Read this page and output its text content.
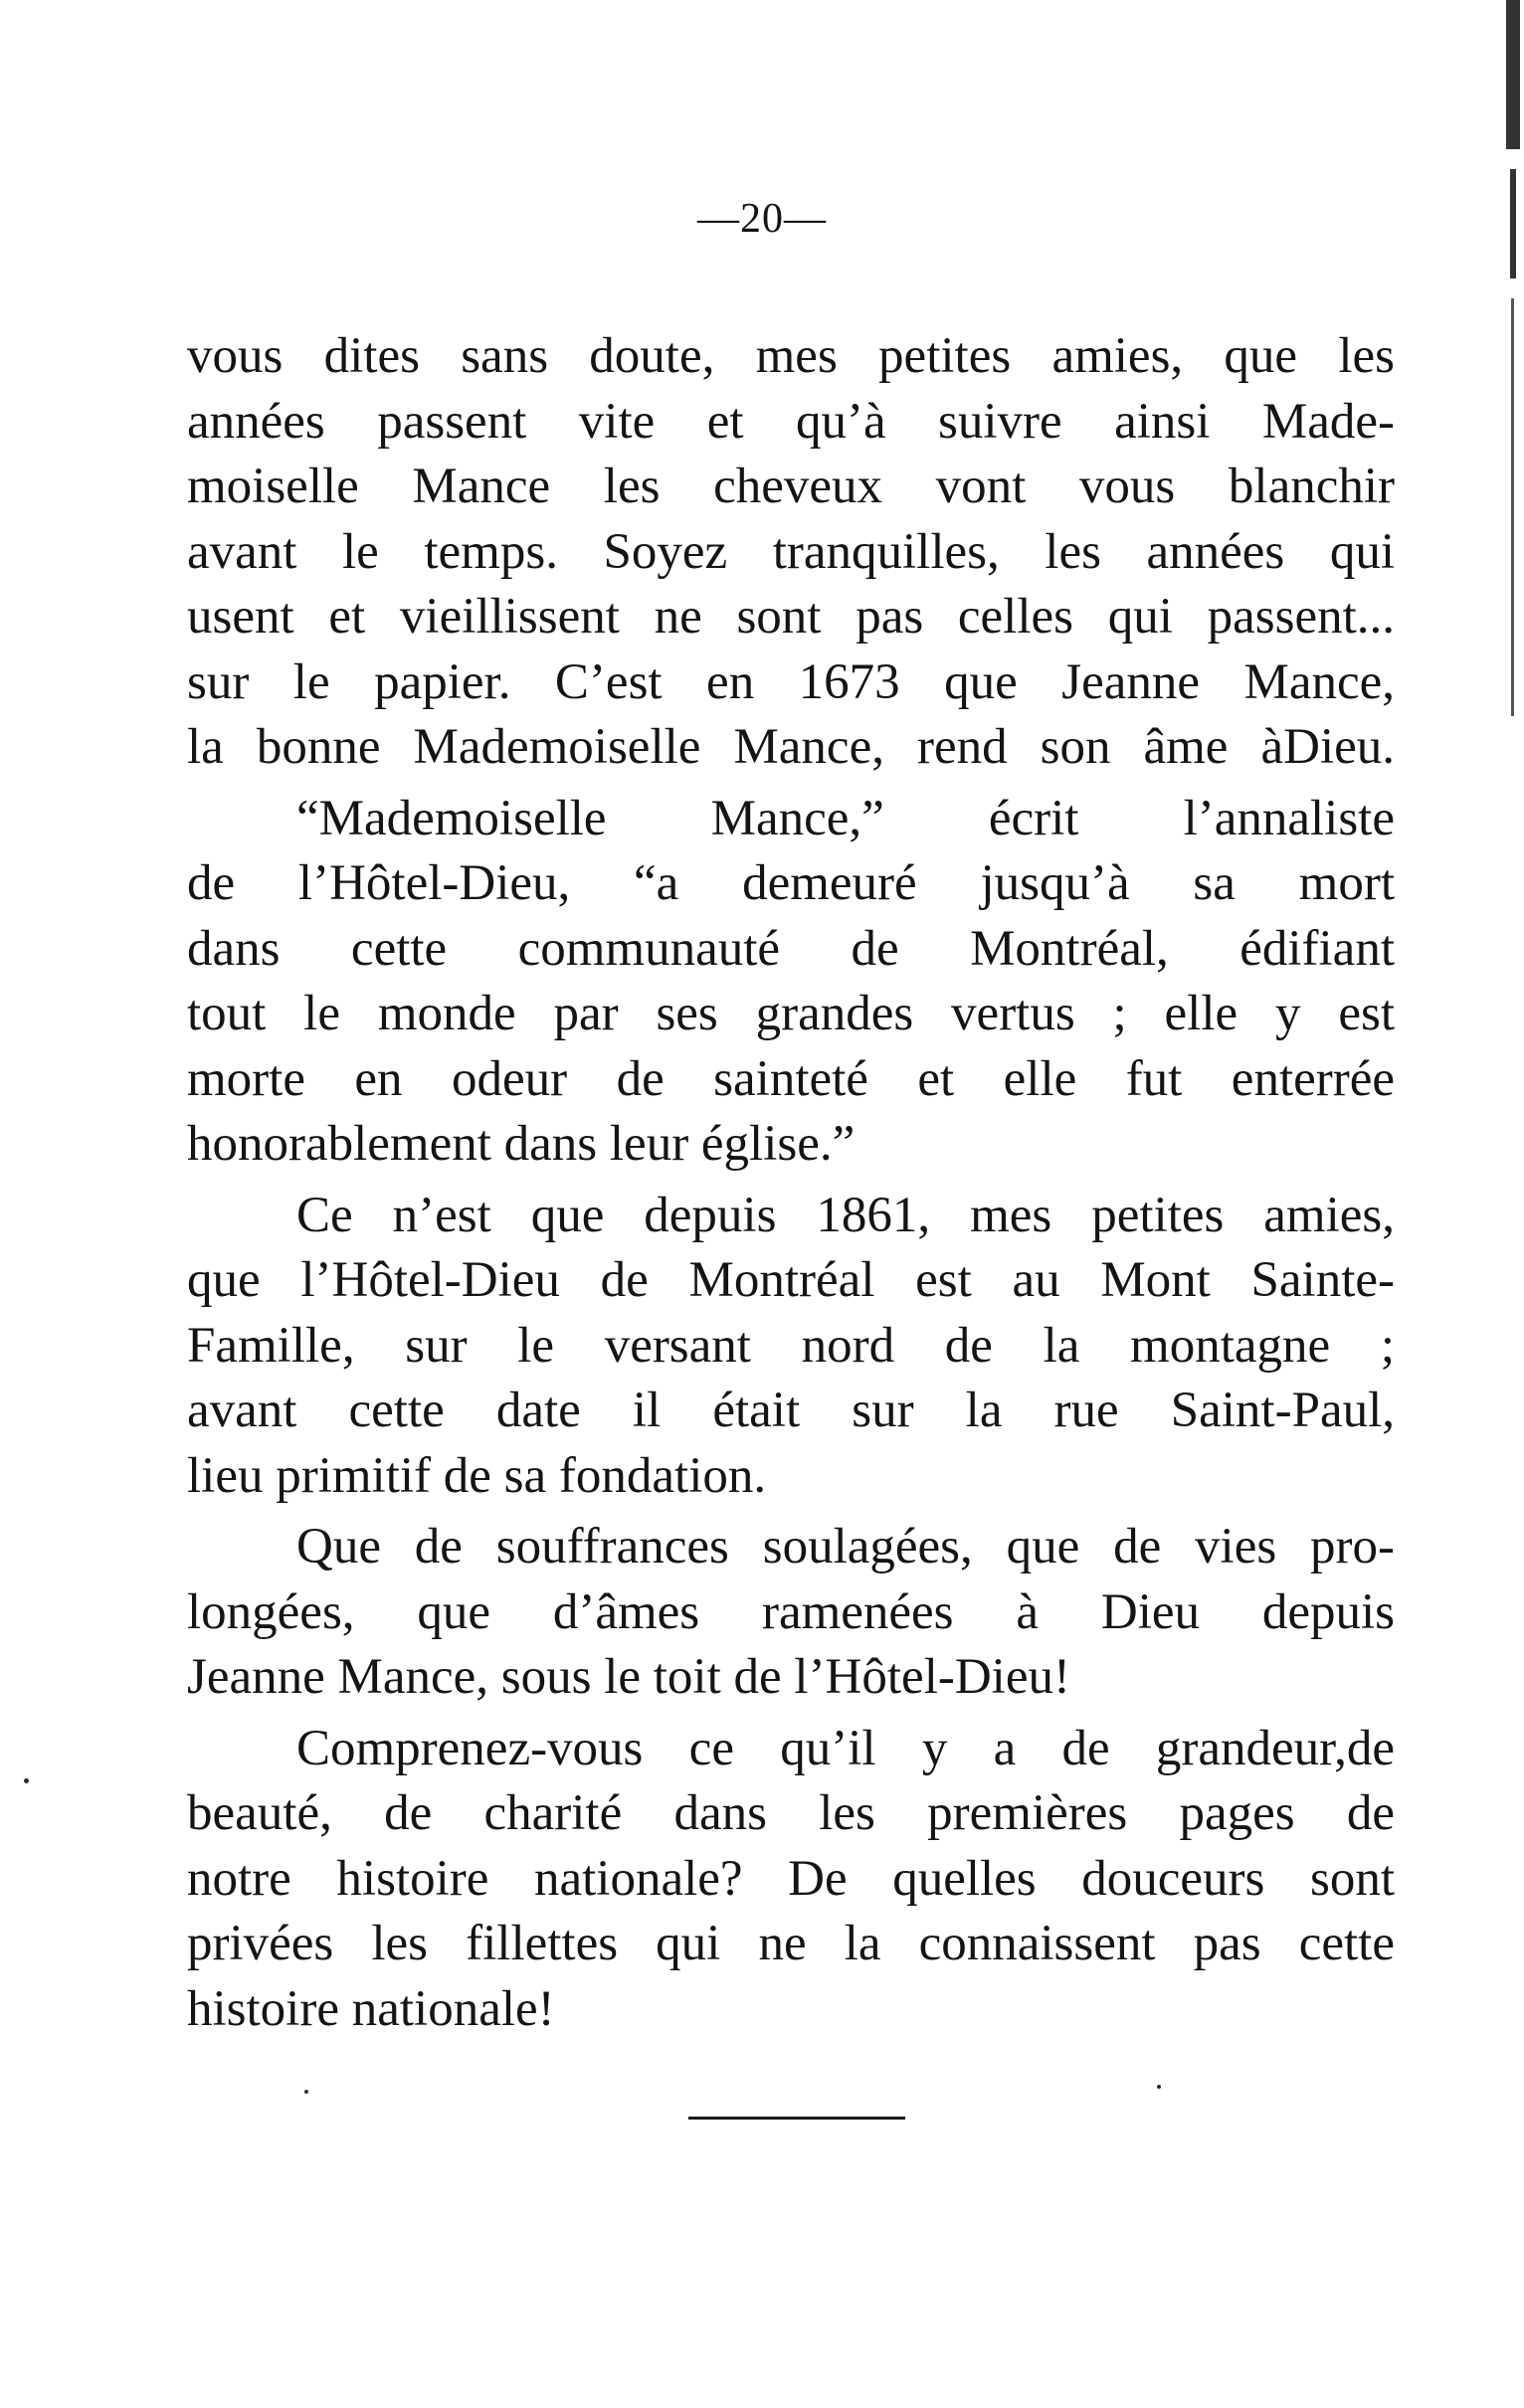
—20—
vous dites sans doute, mes petites amies, que les
années passent vite et qu’à suivre ainsi Made-
moiselle Mance les cheveux vont vous blanchir
avant le temps. Soyez tranquilles, les années qui
usent et vieillissent ne sont pas celles qui passent...
sur le papier. C’est en 1673 que Jeanne Mance,
la bonne Mademoiselle Mance, rend son âme àDieu.
“Mademoiselle Mance,” écrit l’annaliste
de l’Hôtel-Dieu, “a demeuré jusqu’à sa mort
dans cette communauté de Montréal, édifiant
tout le monde par ses grandes vertus ; elle y est
morte en odeur de sainteté et elle fut enterrée
honorablement dans leur église.”
Ce n’est que depuis 1861, mes petites amies,
que l’Hôtel-Dieu de Montréal est au Mont Sainte-
Famille, sur le versant nord de la montagne ;
avant cette date il était sur la rue Saint-Paul,
lieu primitif de sa fondation.
Que de souffrances soulagées, que de vies pro-
longées, que d’âmes ramenées à Dieu depuis
Jeanne Mance, sous le toit de l’Hôtel-Dieu!
Comprenez-vous ce qu’il y a de grandeur,de
beauté, de charité dans les premières pages de
notre histoire nationale? De quelles douceurs sont
privées les fillettes qui ne la connaissent pas cette
histoire nationale!
